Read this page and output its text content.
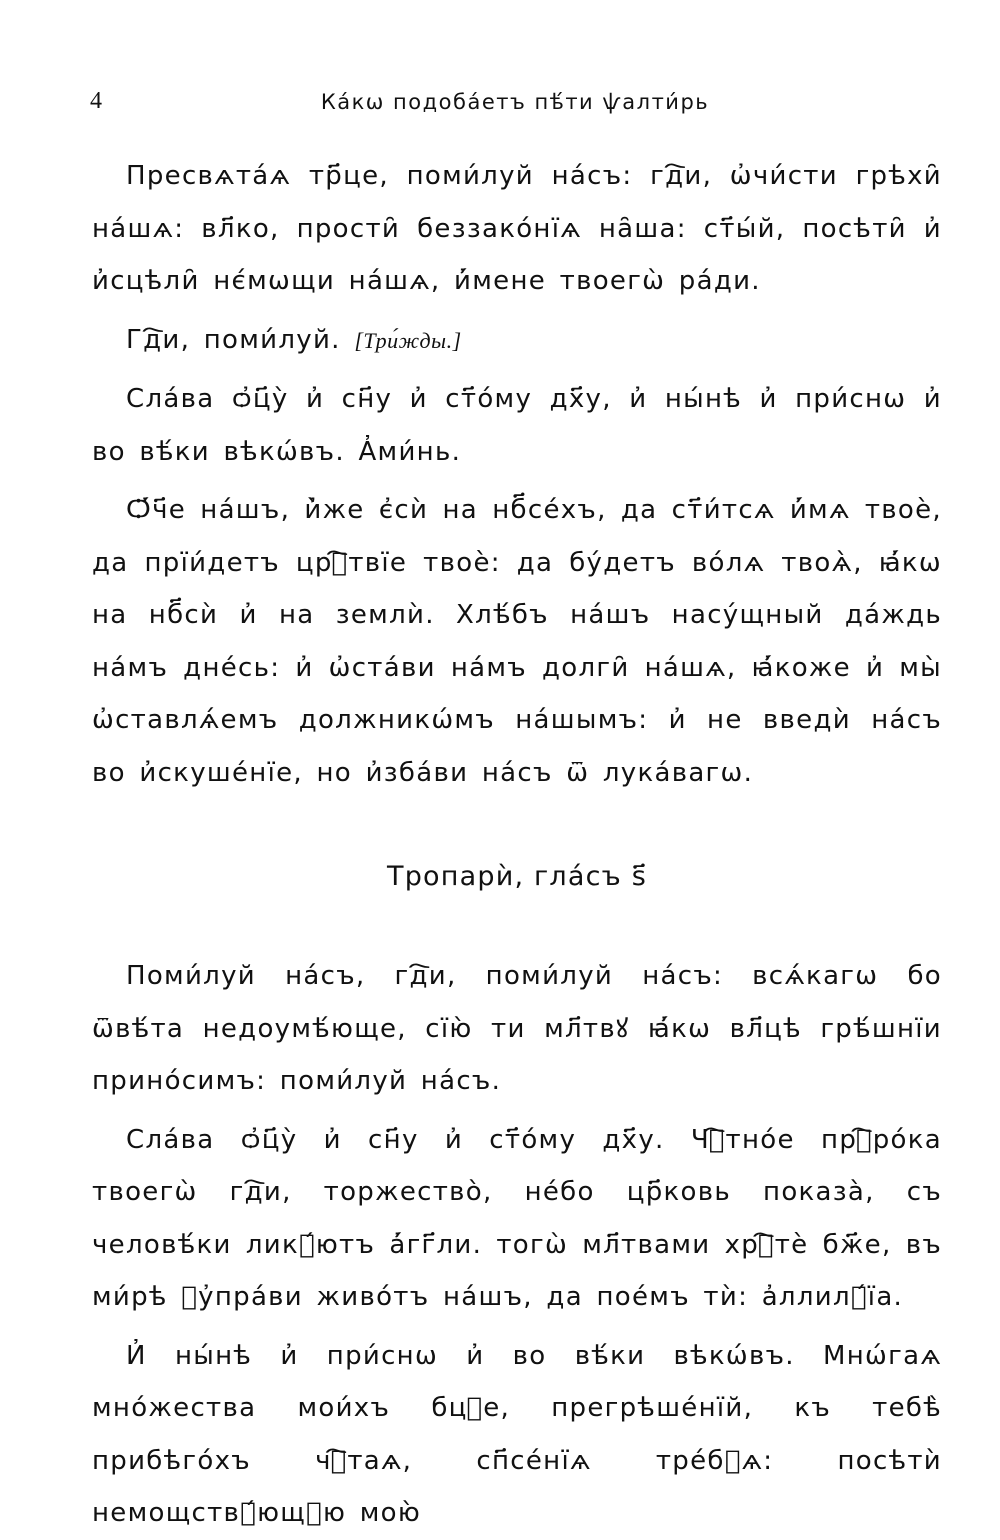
4	Ка́кѡ подоба́етъ пѣ́ти ѱалти́рь

Пресвѧта́ѧ тр҃це, поми́луй на́съ: гд҇и, ѡ҆чи́сти грѣхи̑ на́шѧ: вл҃ко, прости̑ беззако́нїѧ на̑ша: ст҃ы́й, посѣти̑ и҆ и҆сцѣли̑ нє́мѡщи на́шѧ, и҆́мене твоегѡ̀ ра́ди.

Гд҇и, поми́луй. [Три́жды.]

Сла́ва ѻ҆ц҃у̀ и҆ сн҃у и҆ ст҃о́му дх҃у, и҆ ны́нѣ и҆ при́снѡ и҆ во вѣ́ки вѣкѡ́въ. А҆ми́нь.

Ѻ҆́ч҃е на́шъ, и҆̀же є҆сѝ на нб҃се́хъ, да ст҃и́тсѧ и҆́мѧ твоѐ, да прїи́детъ црⷭ҇твїе твоѐ: да бу́детъ во́лѧ твоѧ̀, ꙗ҆́кѡ на нб҃сѝ и҆ на землѝ. Хлѣ́бъ на́шъ насу́щный да́ждь на́мъ дне́сь: и҆ ѡ҆ста́ви на́мъ долги̑ на́шѧ, ꙗ҆́коже и҆ мы̀ ѡ҆ставлѧ́емъ должникѡ́мъ на́шымъ: и҆ не введѝ на́съ во и҆скуше́нїе, но и҆зба́ви на́съ ѿ лука́вагѡ.

Тропарѝ, гла́съ ѕ҃

Поми́луй на́съ, гд҇и, поми́луй на́съ: всѧ́кагѡ бо ѿвѣ́та недоумѣ́юще, сїю̀ ти мл҃твꙋ ꙗ҆́кѡ вл҃цѣ грѣ́шнїи прино́симъ: поми́луй на́съ.

Сла́ва ѻ҆ц҃у̀ и҆ сн҃у и҆ ст҃о́му дх҃у. Чⷭ҇тно́е прⷪ҇ро́ка твоегѡ̀ гд҇и, торжество̀, не́бо цр҃ковь показа̀, съ человѣ́ки ликꙋ́ютъ а҆́гг҃ли. тогѡ̀ мл҃твами хрⷭ҇тѐ бж҃е, въ ми́рѣ ᲂу҆пра́ви живо́тъ на́шъ, да пое́мъ тѝ: а҆ллилꙋ́їа.

И҆ ны́нѣ и҆ при́снѡ и҆ во вѣ́ки вѣкѡ́въ. Мнѡ́гаѧ мно́жества мои́хъ бцⷣе, прегрѣше́нїй, къ тебѣ̀ прибѣго́хъ чⷭ҇таѧ, сп҃се́нїѧ тре́бꙋѧ: посѣтѝ немощствꙋ́ющꙋю мою̀
